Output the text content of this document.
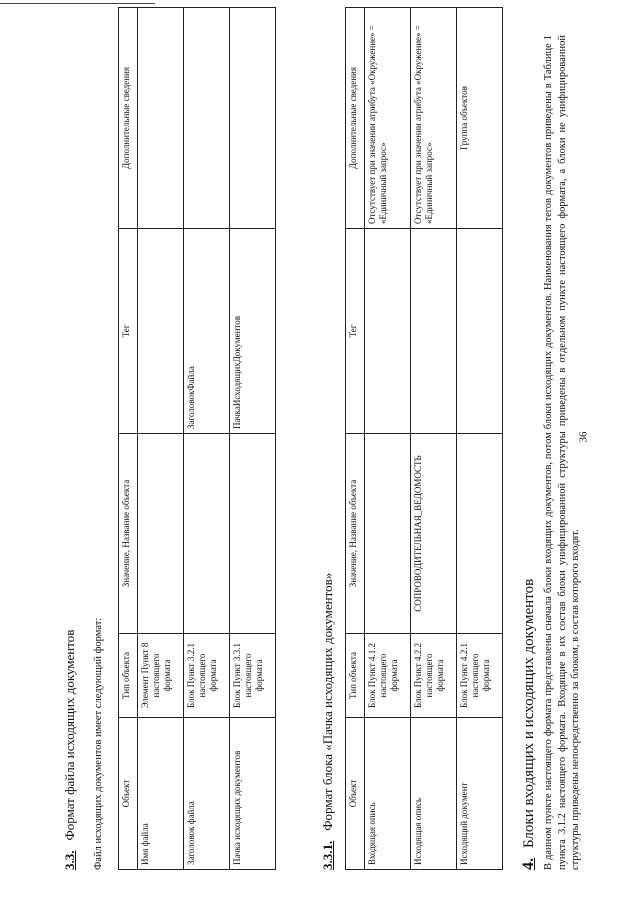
36
3.3.Формат файла исходящих документов Файл исходящих документов имеет следующий формат: Объект	Тип объекта	Значение, Название объекта	Тег	Дополнительные сведения
Имя файла	Элемент Пункт 8 настоящего формата			
Заголовок файла	Блок Пункт 3.2.1 настоящего формата		ЗаголовокФайла	
Пачка исходящих документов	Блок Пункт 3.3.1 настоящего формата		ПачкаИсходящихДокументов	
3.3.1.Формат блока «Пачка исходящих документов» Объект	Тип объекта	Значение, Название объекта	Тег	Дополнительные сведения
Входящая опись	Блок Пункт 4.1.2 настоящего формата			Отсутствует при значении атрибута «Окружение» = «Единичный запрос»
Исходящая опись	Блок Пункт 4.2.2 настоящего формата	СОПРОВОДИТЕЛЬНАЯ_ВЕДОМОСТЬ		Отсутствует при значении атрибута «Окружение» = «Единичный запрос»
Исходящий документ	Блок Пункт 4.2.1 настоящего формата			Группа объектов
4.Блоки входящих и исходящих документов В данном пункте настоящего формата представлены сначала блоки входящих документов, потом блоки исходящих документов. Наименования тегов документов приведены в Таблице 1 пункта 3.1.2 настоящего формата. Входящие в их состав блоки унифицированной структуры приведены в отдельном пункте настоящего формата, а блоки не унифицированной структуры приведены непосредственно за блоком, в состав которого входят.
